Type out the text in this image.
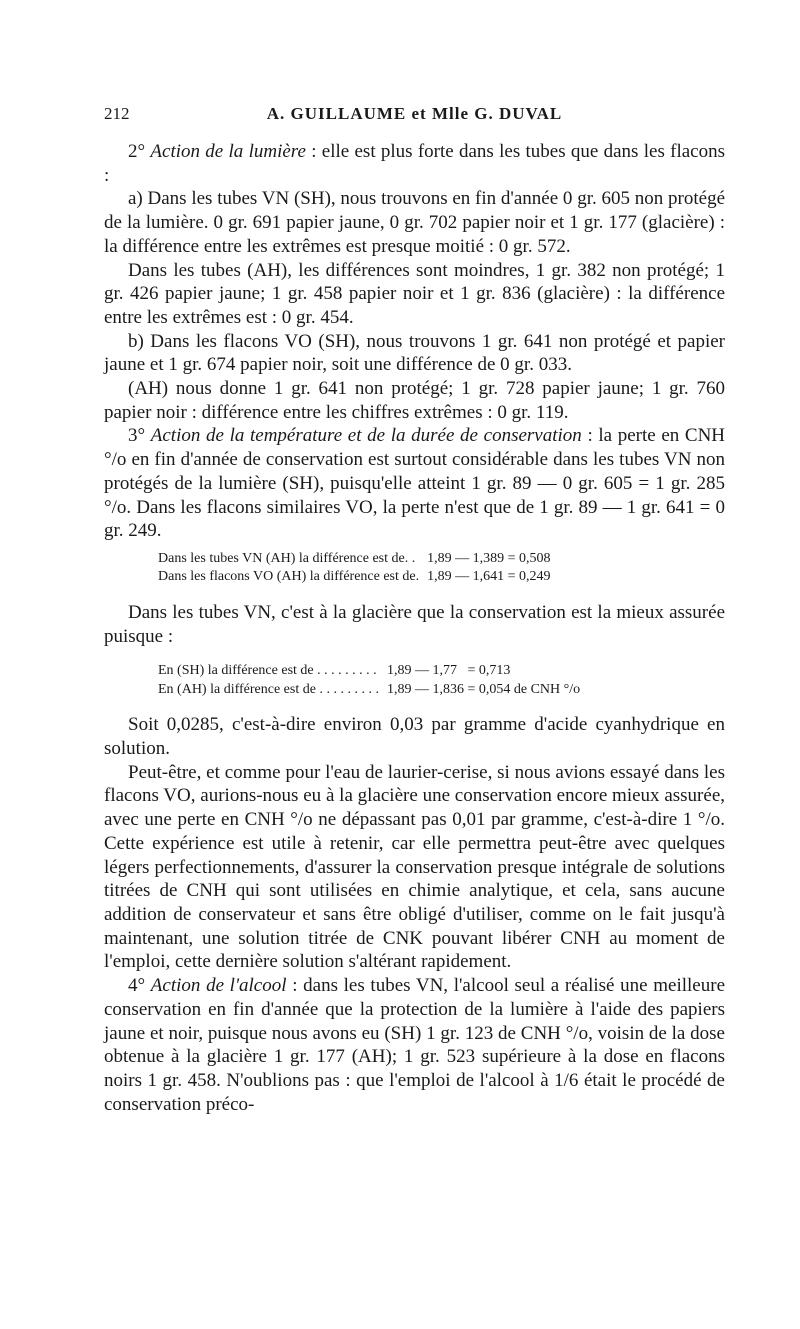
212	A. GUILLAUME et Mlle G. DUVAL

2° Action de la lumière : elle est plus forte dans les tubes que dans les flacons :

a) Dans les tubes VN (SH), nous trouvons en fin d'année 0 gr. 605 non protégé de la lumière. 0 gr. 691 papier jaune, 0 gr. 702 papier noir et 1 gr. 177 (glacière) : la différence entre les extrêmes est presque moitié : 0 gr. 572.

Dans les tubes (AH), les différences sont moindres, 1 gr. 382 non protégé; 1 gr. 426 papier jaune; 1 gr. 458 papier noir et 1 gr. 836 (glacière) : la différence entre les extrêmes est : 0 gr. 454.

b) Dans les flacons VO (SH), nous trouvons 1 gr. 641 non protégé et papier jaune et 1 gr. 674 papier noir, soit une différence de 0 gr. 033.

(AH) nous donne 1 gr. 641 non protégé; 1 gr. 728 papier jaune; 1 gr. 760 papier noir : différence entre les chiffres extrêmes : 0 gr. 119.

3° Action de la température et de la durée de conservation : la perte en CNH °/o en fin d'année de conservation est surtout considérable dans les tubes VN non protégés de la lumière (SH), puisqu'elle atteint 1 gr. 89 — 0 gr. 605 = 1 gr. 285 °/o. Dans les flacons similaires VO, la perte n'est que de 1 gr. 89 — 1 gr. 641 = 0 gr. 249.

Dans les tubes VN (AH) la différence est de. .	1,89 — 1,389 = 0,508
Dans les flacons VO (AH) la différence est de.	1,89 — 1,641 = 0,249

Dans les tubes VN, c'est à la glacière que la conservation est la mieux assurée puisque :

En (SH) la différence est de . . . . . . . . .	1,89 — 1,77   = 0,713
En (AH) la différence est de . . . . . . . . .	1,89 — 1,836 = 0,054 de CNH °/o

Soit 0,0285, c'est-à-dire environ 0,03 par gramme d'acide cyanhydrique en solution.

Peut-être, et comme pour l'eau de laurier-cerise, si nous avions essayé dans les flacons VO, aurions-nous eu à la glacière une conservation encore mieux assurée, avec une perte en CNH °/o ne dépassant pas 0,01 par gramme, c'est-à-dire 1 °/o. Cette expérience est utile à retenir, car elle permettra peut-être avec quelques légers perfectionnements, d'assurer la conservation presque intégrale de solutions titrées de CNH qui sont utilisées en chimie analytique, et cela, sans aucune addition de conservateur et sans être obligé d'utiliser, comme on le fait jusqu'à maintenant, une solution titrée de CNK pouvant libérer CNH au moment de l'emploi, cette dernière solution s'altérant rapidement.

4° Action de l'alcool : dans les tubes VN, l'alcool seul a réalisé une meilleure conservation en fin d'année que la protection de la lumière à l'aide des papiers jaune et noir, puisque nous avons eu (SH) 1 gr. 123 de CNH °/o, voisin de la dose obtenue à la glacière 1 gr. 177 (AH); 1 gr. 523 supérieure à la dose en flacons noirs 1 gr. 458. N'oublions pas : que l'emploi de l'alcool à 1/6 était le procédé de conservation préco-
